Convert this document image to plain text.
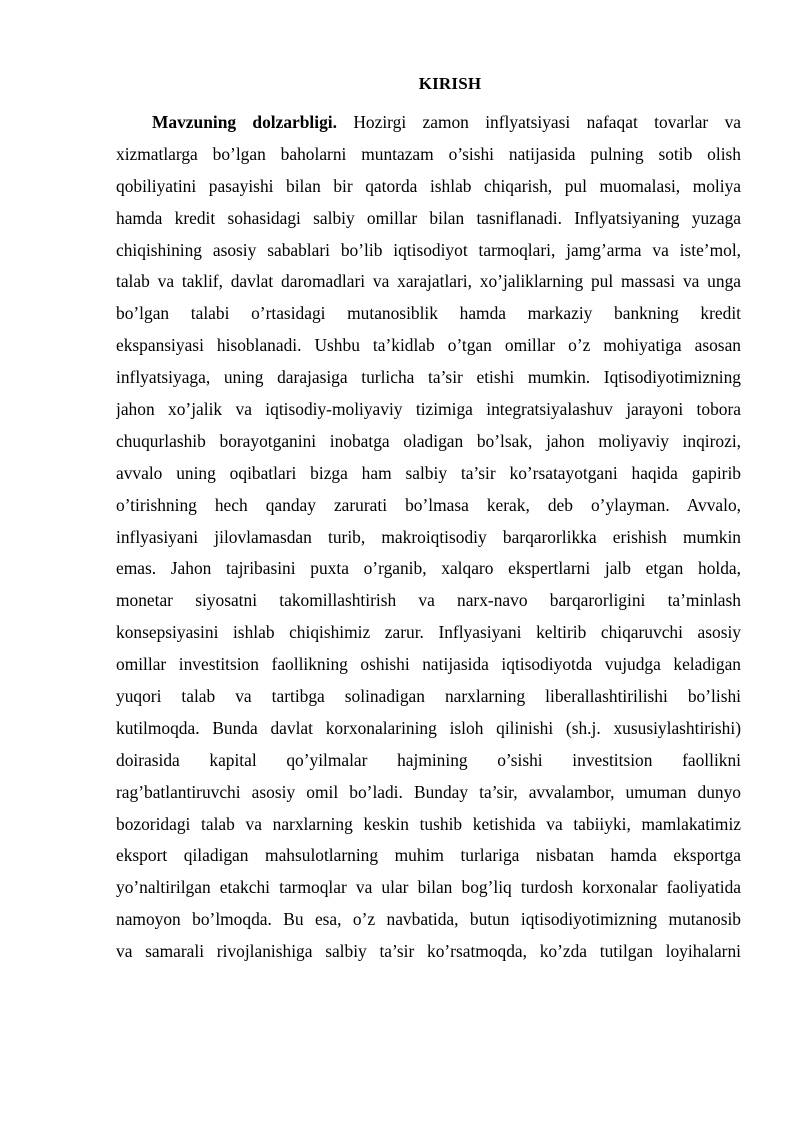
KIRISH
Mavzuning dolzarbligi. Hozirgi zamon inflyatsiyasi nafaqat tovarlar va
xizmatlarga bo’lgan baholarni muntazam o’sishi natijasida pulning sotib olish
qobiliyatini pasayishi bilan bir qatorda ishlab chiqarish, pul muomalasi, moliya
hamda kredit sohasidagi salbiy omillar bilan tasniflanadi. Inflyatsiyaning yuzaga
chiqishining asosiy sabablari bo’lib iqtisodiyot tarmoqlari, jamg’arma va iste’mol,
talab va taklif, davlat daromadlari va xarajatlari, xo’jaliklarning pul massasi va unga
bo’lgan talabi o’rtasidagi mutanosiblik hamda markaziy bankning kredit
ekspansiyasi hisoblanadi. Ushbu ta’kidlab o’tgan omillar o’z mohiyatiga asosan
inflyatsiyaga, uning darajasiga turlicha ta’sir etishi mumkin. Iqtisodiyotimizning
jahon xo’jalik va iqtisodiy-moliyaviy tizimiga integratsiyalashuv jarayoni tobora
chuqurlashib borayotganini inobatga oladigan bo’lsak, jahon moliyaviy inqirozi,
avvalo uning oqibatlari bizga ham salbiy ta’sir ko’rsatayotgani haqida gapirib
o’tirishning hech qanday zarurati bo’lmasa kerak, deb o’ylayman. Avvalo,
inflyasiyani jilovlamasdan turib, makroiqtisodiy barqarorlikka erishish mumkin
emas. Jahon tajribasini puxta o’rganib, xalqaro ekspertlarni jalb etgan holda,
monetar siyosatni takomillashtirish va narx-navo barqarorligini ta’minlash
konsepsiyasini ishlab chiqishimiz zarur. Inflyasiyani keltirib chiqaruvchi asosiy
omillar investitsion faollikning oshishi natijasida iqtisodiyotda vujudga keladigan
yuqori talab va tartibga solinadigan narxlarning liberallashtirilishi bo’lishi
kutilmoqda. Bunda davlat korxonalarining isloh qilinishi (sh.j. xususiylashtirishi)
doirasida kapital qo’yilmalar hajmining o’sishi investitsion faollikni
rag’batlantiruvchi asosiy omil bo’ladi. Bunday ta’sir, avvalambor, umuman dunyo
bozoridagi talab va narxlarning keskin tushib ketishida va tabiiyki, mamlakatimiz
eksport qiladigan mahsulotlarning muhim turlariga nisbatan hamda eksportga
yo’naltirilgan etakchi tarmoqlar va ular bilan bog’liq turdosh korxonalar faoliyatida
namoyon bo’lmoqda. Bu esa, o’z navbatida, butun iqtisodiyotimizning mutanosib
va samarali rivojlanishiga salbiy ta’sir ko’rsatmoqda, ko’zda tutilgan loyihalarni
